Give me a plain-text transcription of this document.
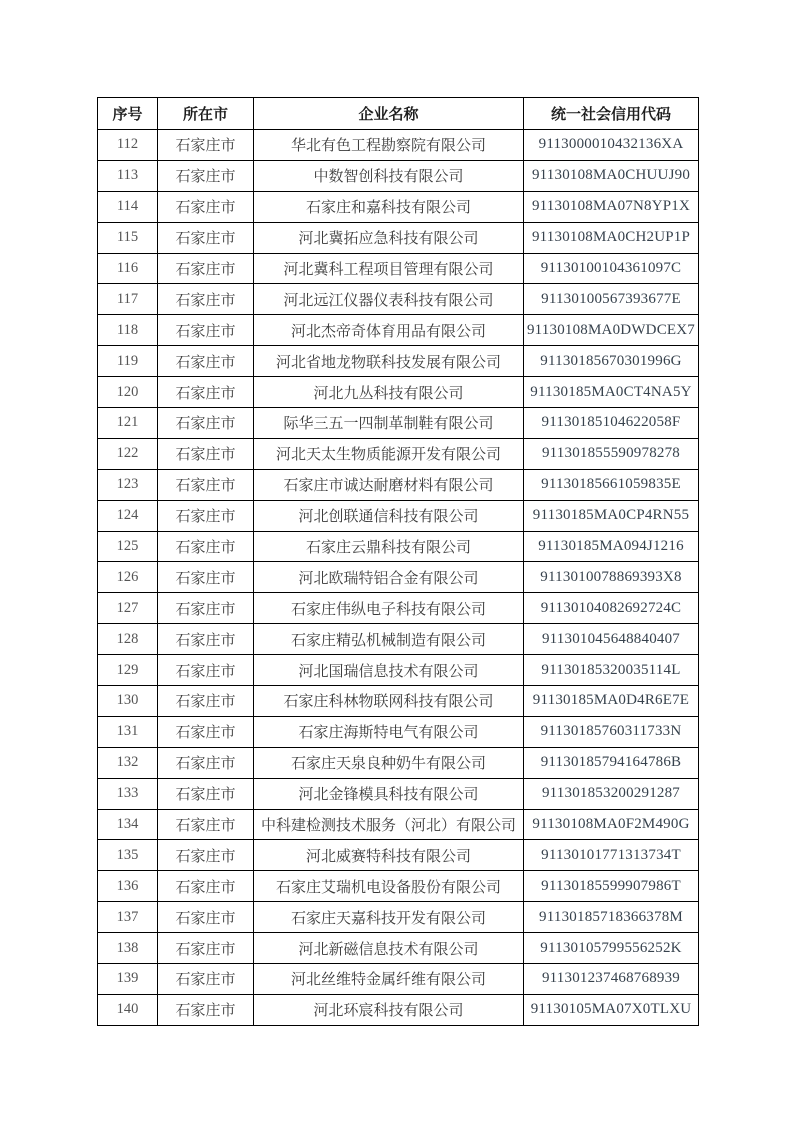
序号	所在市	企业名称	统一社会信用代码
112	石家庄市	华北有色工程勘察院有限公司	9113000010432136XA
113	石家庄市	中数智创科技有限公司	91130108MA0CHUUJ90
114	石家庄市	石家庄和嘉科技有限公司	91130108MA07N8YP1X
115	石家庄市	河北冀拓应急科技有限公司	91130108MA0CH2UP1P
116	石家庄市	河北冀科工程项目管理有限公司	91130100104361097C
117	石家庄市	河北远江仪器仪表科技有限公司	91130100567393677E
118	石家庄市	河北杰帝奇体育用品有限公司	91130108MA0DWDCEX7
119	石家庄市	河北省地龙物联科技发展有限公司	91130185670301996G
120	石家庄市	河北九丛科技有限公司	91130185MA0CT4NA5Y
121	石家庄市	际华三五一四制革制鞋有限公司	91130185104622058F
122	石家庄市	河北天太生物质能源开发有限公司	911301855590978278
123	石家庄市	石家庄市诚达耐磨材料有限公司	91130185661059835E
124	石家庄市	河北创联通信科技有限公司	91130185MA0CP4RN55
125	石家庄市	石家庄云鼎科技有限公司	91130185MA094J1216
126	石家庄市	河北欧瑞特铝合金有限公司	9113010078869393X8
127	石家庄市	石家庄伟纵电子科技有限公司	91130104082692724C
128	石家庄市	石家庄精弘机械制造有限公司	911301045648840407
129	石家庄市	河北国瑞信息技术有限公司	91130185320035114L
130	石家庄市	石家庄科林物联网科技有限公司	91130185MA0D4R6E7E
131	石家庄市	石家庄海斯特电气有限公司	91130185760311733N
132	石家庄市	石家庄天泉良种奶牛有限公司	91130185794164786B
133	石家庄市	河北金锋模具科技有限公司	911301853200291287
134	石家庄市	中科建检测技术服务（河北）有限公司	91130108MA0F2M490G
135	石家庄市	河北威赛特科技有限公司	91130101771313734T
136	石家庄市	石家庄艾瑞机电设备股份有限公司	91130185599907986T
137	石家庄市	石家庄天嘉科技开发有限公司	91130185718366378M
138	石家庄市	河北新磁信息技术有限公司	91130105799556252K
139	石家庄市	河北丝维特金属纤维有限公司	911301237468768939
140	石家庄市	河北环宸科技有限公司	91130105MA07X0TLXU
